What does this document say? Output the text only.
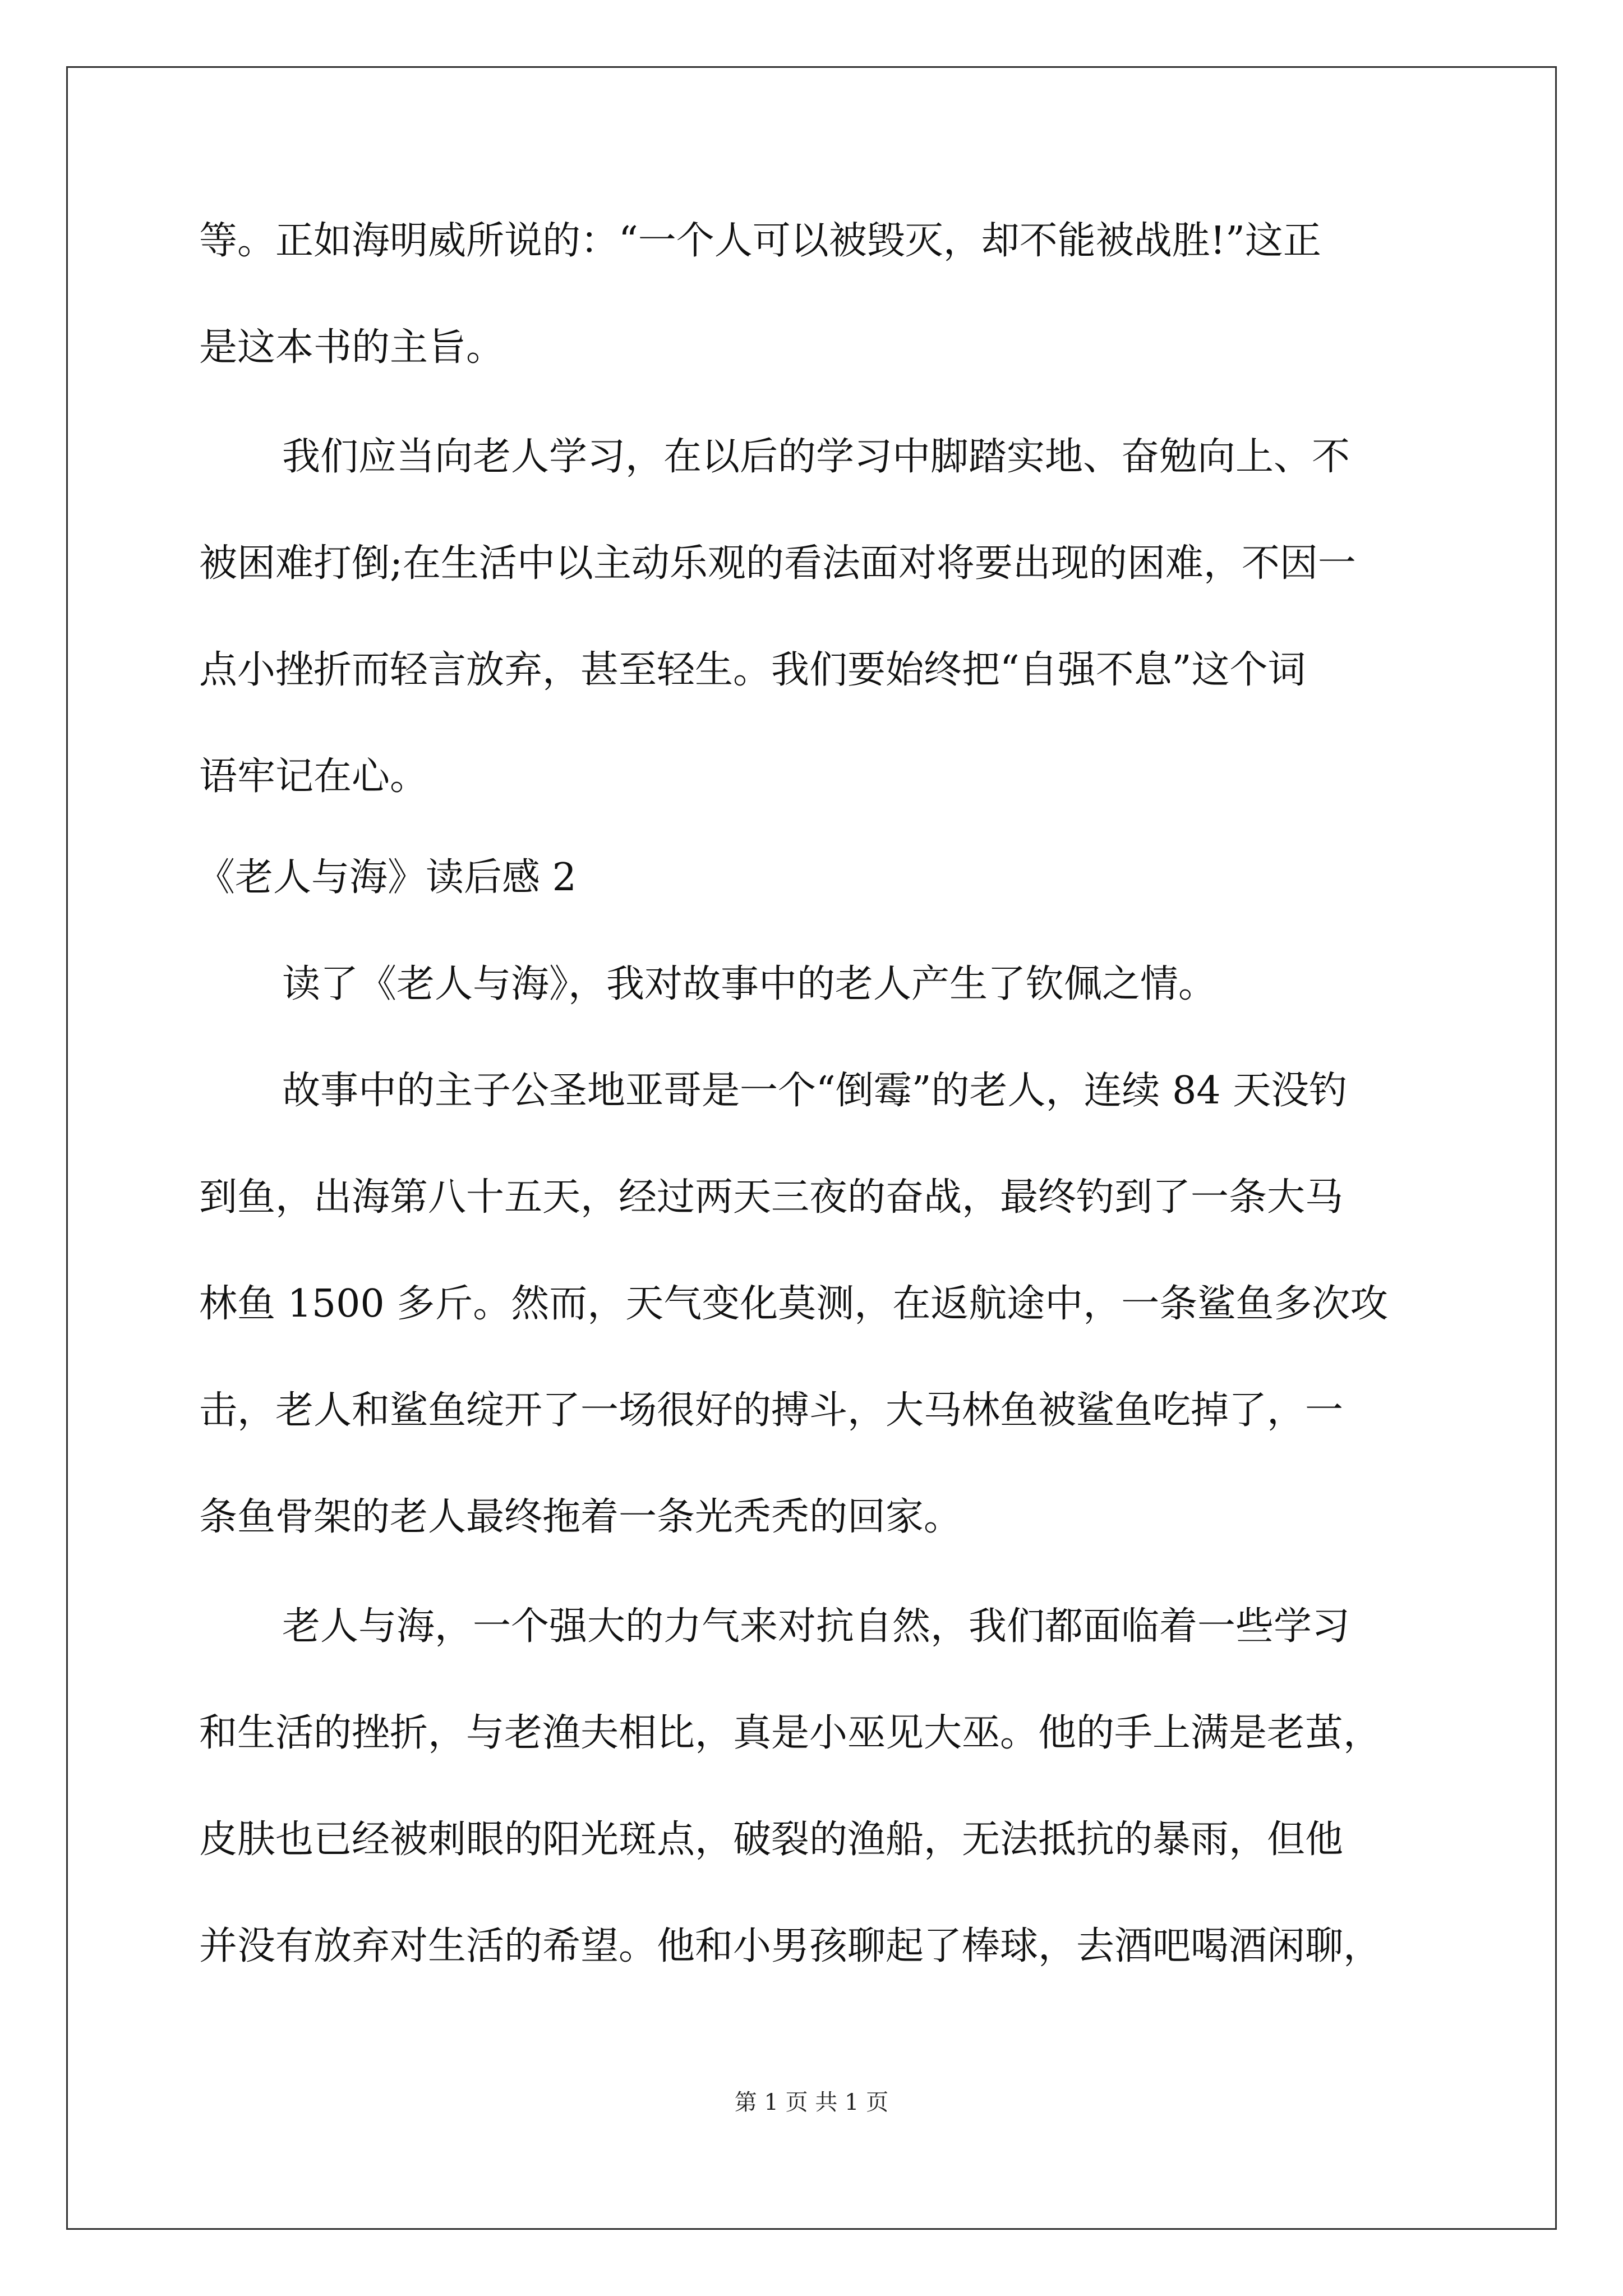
等。正如海明威所说的：“一个人可以被毁灭，却不能被战胜!”这正
是这本书的主旨。
我们应当向老人学习，在以后的学习中脚踏实地、奋勉向上、不
被困难打倒;在生活中以主动乐观的看法面对将要出现的困难，不因一
点小挫折而轻言放弃，甚至轻生。我们要始终把“自强不息”这个词
语牢记在心。
《老人与海》读后感 2
读了《老人与海》，我对故事中的老人产生了钦佩之情。
故事中的主子公圣地亚哥是一个“倒霉”的老人，连续 84 天没钓
到鱼，出海第八十五天，经过两天三夜的奋战，最终钓到了一条大马
林鱼 1500 多斤。然而，天气变化莫测，在返航途中，一条鲨鱼多次攻
击，老人和鲨鱼绽开了一场很好的搏斗，大马林鱼被鲨鱼吃掉了，一
条鱼骨架的老人最终拖着一条光秃秃的回家。
老人与海，一个强大的力气来对抗自然，我们都面临着一些学习
和生活的挫折，与老渔夫相比，真是小巫见大巫。他的手上满是老茧，
皮肤也已经被刺眼的阳光斑点，破裂的渔船，无法抵抗的暴雨，但他
并没有放弃对生活的希望。他和小男孩聊起了棒球，去酒吧喝酒闲聊，
第 1 页 共 1 页
